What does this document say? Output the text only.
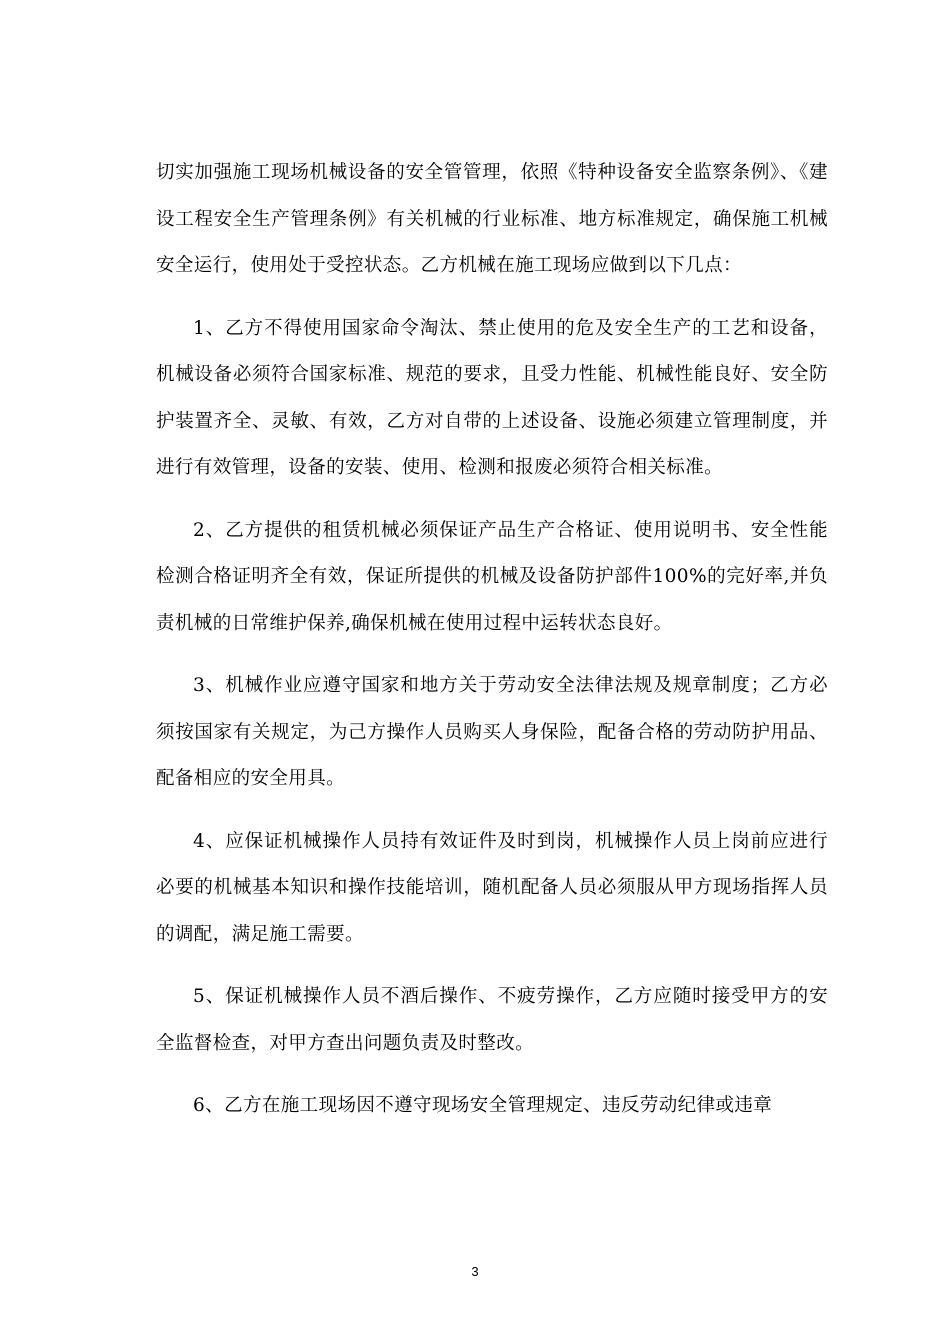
切实加强施工现场机械设备的安全管管理，依照《特种设备安全监察条例》、《建设工程安全生产管理条例》有关机械的行业标准、地方标准规定，确保施工机械安全运行，使用处于受控状态。乙方机械在施工现场应做到以下几点：

1、乙方不得使用国家命令淘汰、禁止使用的危及安全生产的工艺和设备，机械设备必须符合国家标准、规范的要求，且受力性能、机械性能良好、安全防护装置齐全、灵敏、有效，乙方对自带的上述设备、设施必须建立管理制度，并进行有效管理，设备的安装、使用、检测和报废必须符合相关标准。

2、乙方提供的租赁机械必须保证产品生产合格证、使用说明书、安全性能检测合格证明齐全有效，保证所提供的机械及设备防护部件100%的完好率,并负责机械的日常维护保养,确保机械在使用过程中运转状态良好。

3、机械作业应遵守国家和地方关于劳动安全法律法规及规章制度；乙方必须按国家有关规定，为己方操作人员购买人身保险，配备合格的劳动防护用品、配备相应的安全用具。

4、应保证机械操作人员持有效证件及时到岗，机械操作人员上岗前应进行必要的机械基本知识和操作技能培训，随机配备人员必须服从甲方现场指挥人员的调配，满足施工需要。

5、保证机械操作人员不酒后操作、不疲劳操作，乙方应随时接受甲方的安全监督检查，对甲方查出问题负责及时整改。

6、乙方在施工现场因不遵守现场安全管理规定、违反劳动纪律或违章

3
